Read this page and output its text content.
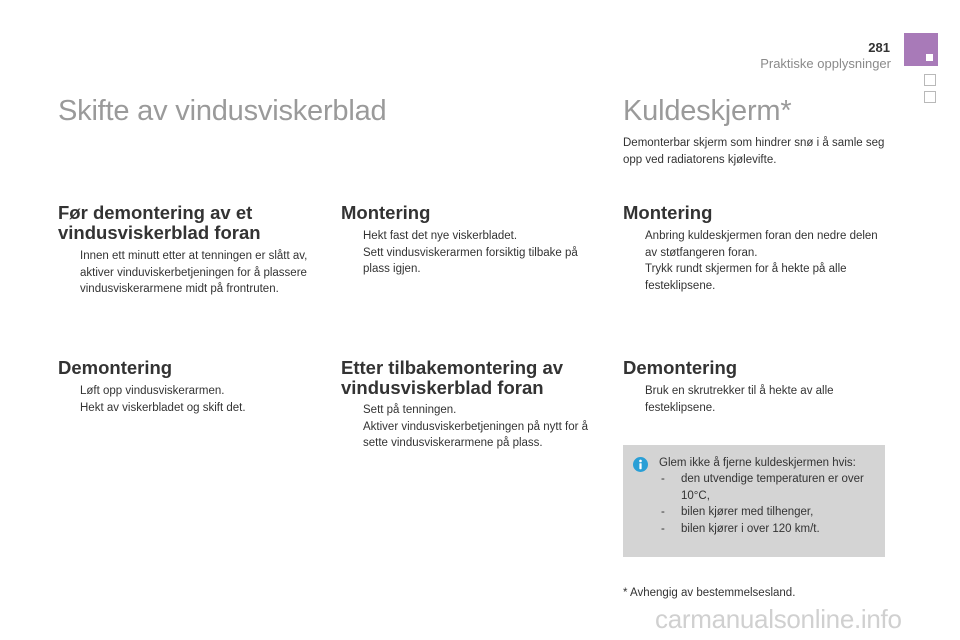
281
Praktiske opplysninger
Skifte av vindusviskerblad
Før demontering av et
vindusviskerblad foran
Innen ett minutt etter at tenningen er slått av, aktiver vinduviskerbetjeningen for å plassere vindusviskerarmene midt på frontruten.
Demontering
Løft opp vindusviskerarmen.
Hekt av viskerbladet og skift det.
Montering
Hekt fast det nye viskerbladet.
Sett vindusviskerarmen forsiktig tilbake på plass igjen.
Etter tilbakemontering av
vindusviskerblad foran
Sett på tenningen.
Aktiver vindusviskerbetjeningen på nytt for å sette vindusviskerarmene på plass.
Kuldeskjerm*
Demonterbar skjerm som hindrer snø i å samle seg opp ved radiatorens kjølevifte.
Montering
Anbring kuldeskjermen foran den nedre delen av støtfangeren foran.
Trykk rundt skjermen for å hekte på alle festeklipsene.
Demontering
Bruk en skrutrekker til å hekte av alle festeklipsene.
Glem ikke å fjerne kuldeskjermen hvis:
- den utvendige temperaturen er over 10°C,
- bilen kjører med tilhenger,
- bilen kjører i over 120 km/t.
* Avhengig av bestemmelsesland.
carmanualsonline.info
